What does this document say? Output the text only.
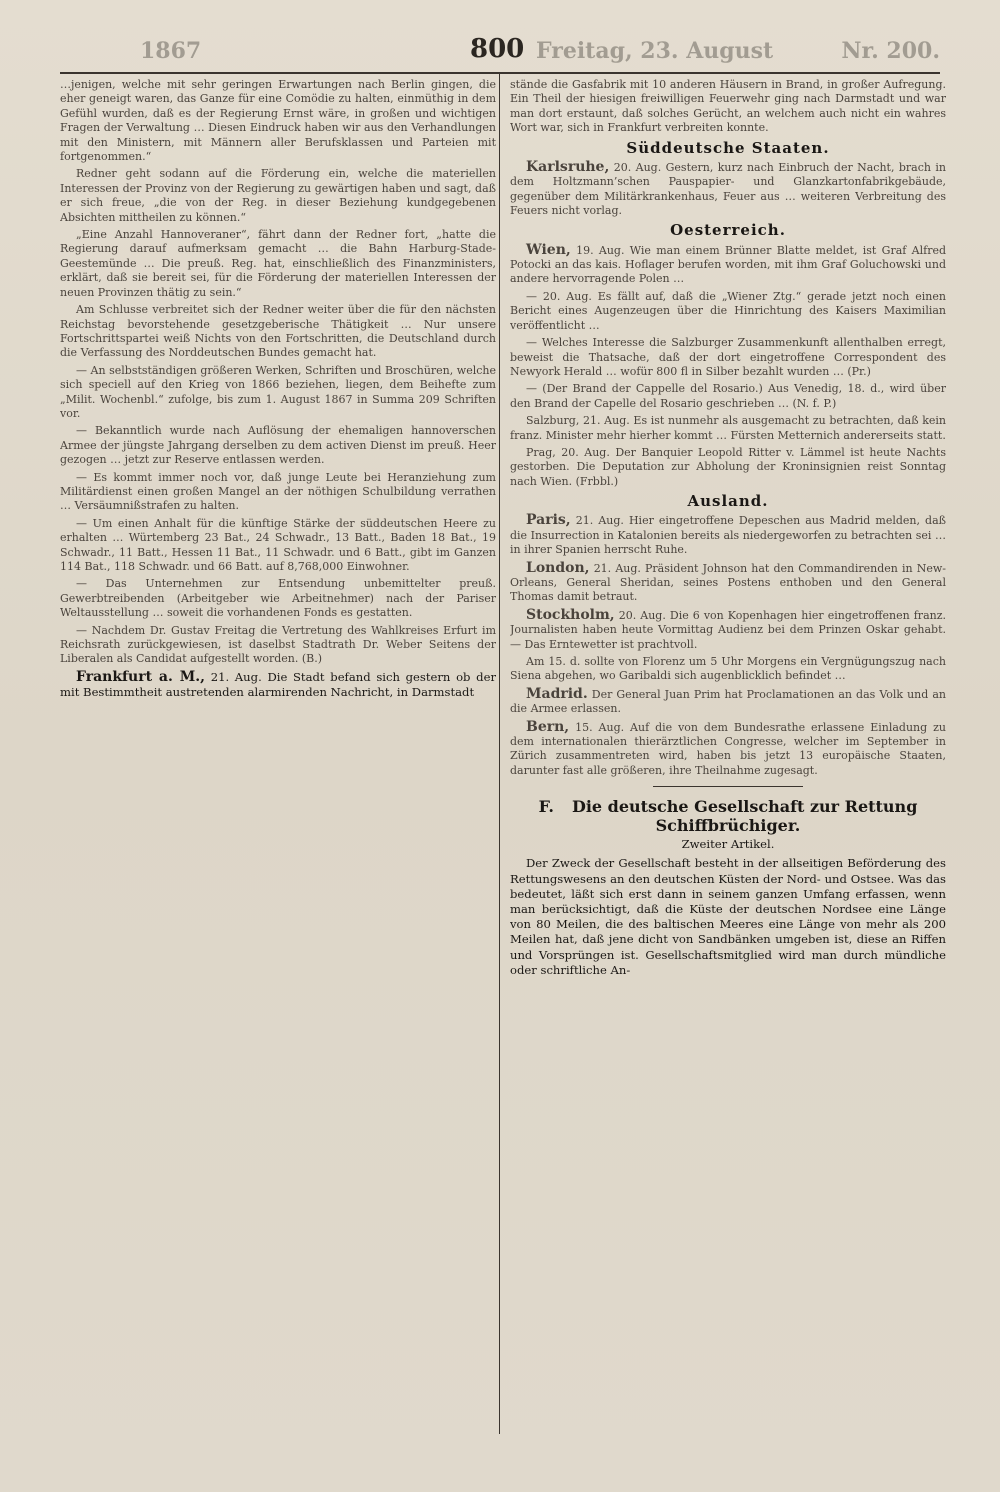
1867	800 Freitag, 23. August	Nr. 200.

…jenigen, welche mit sehr geringen Erwartungen nach Berlin gingen, die eher geneigt waren, das Ganze für eine Comödie zu halten, einmüthig in dem Gefühl wurden, daß es der Regierung Ernst wäre, in großen und wichtigen Fragen der Verwaltung … Diesen Eindruck haben wir aus den Verhandlungen mit den Ministern, mit Männern aller Berufsklassen und Parteien mit fortgenommen.“

Redner geht sodann auf die Förderung ein, welche die materiellen Interessen der Provinz von der Regierung zu gewärtigen haben und sagt, daß er sich freue, „die von der Reg. in dieser Beziehung kundgegebenen Absichten mittheilen zu können.“

„Eine Anzahl Hannoveraner“, fährt dann der Redner fort, „hatte die Regierung darauf aufmerksam gemacht … die Bahn Harburg-Stade-Geestemünde … Die preuß. Reg. hat, einschließlich des Finanzministers, erklärt, daß sie bereit sei, für die Förderung der materiellen Interessen der neuen Provinzen thätig zu sein.“

Am Schlusse verbreitet sich der Redner weiter über die für den nächsten Reichstag bevorstehende gesetzgeberische Thätigkeit … Nur unsere Fortschrittspartei weiß Nichts von den Fortschritten, die Deutschland durch die Verfassung des Norddeutschen Bundes gemacht hat.

— An selbstständigen größeren Werken, Schriften und Broschüren, welche sich speciell auf den Krieg von 1866 beziehen, liegen, dem Beihefte zum „Milit. Wochenbl.“ zufolge, bis zum 1. August 1867 in Summa 209 Schriften vor.

— Bekanntlich wurde nach Auflösung der ehemaligen hannoverschen Armee der jüngste Jahrgang derselben zu dem activen Dienst im preuß. Heer gezogen … jetzt zur Reserve entlassen werden.

— Es kommt immer noch vor, daß junge Leute bei Heranziehung zum Militärdienst einen großen Mangel an der nöthigen Schulbildung verrathen … Versäumnißstrafen zu halten.

— Um einen Anhalt für die künftige Stärke der süddeutschen Heere zu erhalten … Würtemberg 23 Bat., 24 Schwadr., 13 Batt., Baden 18 Bat., 19 Schwadr., 11 Batt., Hessen 11 Bat., 11 Schwadr. und 6 Batt., gibt im Ganzen 114 Bat., 118 Schwadr. und 66 Batt. auf 8,768,000 Einwohner.

— Das Unternehmen zur Entsendung unbemittelter preuß. Gewerbtreibenden (Arbeitgeber wie Arbeitnehmer) nach der Pariser Weltausstellung … soweit die vorhandenen Fonds es gestatten.

— Nachdem Dr. Gustav Freitag die Vertretung des Wahlkreises Erfurt im Reichsrath zurückgewiesen, ist daselbst Stadtrath Dr. Weber Seitens der Liberalen als Candidat aufgestellt worden. (B.)

Frankfurt a. M., 21. Aug. Die Stadt befand sich gestern ob der mit Bestimmtheit austretenden alarmirenden Nachricht, in Darmstadt

stände die Gasfabrik mit 10 anderen Häusern in Brand, in großer Aufregung. Ein Theil der hiesigen freiwilligen Feuerwehr ging nach Darmstadt und war man dort erstaunt, daß solches Gerücht, an welchem auch nicht ein wahres Wort war, sich in Frankfurt verbreiten konnte.

Süddeutsche Staaten.

Karlsruhe, 20. Aug. Gestern, kurz nach Einbruch der Nacht, brach in dem Holtzmann’schen Pauspapier- und Glanzkartonfabrikgebäude, gegenüber dem Militärkrankenhaus, Feuer aus … weiteren Verbreitung des Feuers nicht vorlag.

Oesterreich.

Wien, 19. Aug. Wie man einem Brünner Blatte meldet, ist Graf Alfred Potocki an das kais. Hoflager berufen worden, mit ihm Graf Goluchowski und andere hervorragende Polen …

— 20. Aug. Es fällt auf, daß die „Wiener Ztg.“ gerade jetzt noch einen Bericht eines Augenzeugen über die Hinrichtung des Kaisers Maximilian veröffentlicht …

— Welches Interesse die Salzburger Zusammenkunft allenthalben erregt, beweist die Thatsache, daß der dort eingetroffene Correspondent des Newyork Herald … wofür 800 fl in Silber bezahlt wurden … (Pr.)

— (Der Brand der Cappelle del Rosario.) Aus Venedig, 18. d., wird über den Brand der Capelle del Rosario geschrieben … (N. f. P.)

Salzburg, 21. Aug. Es ist nunmehr als ausgemacht zu betrachten, daß kein franz. Minister mehr hierher kommt … Fürsten Metternich andererseits statt.

Prag, 20. Aug. Der Banquier Leopold Ritter v. Lämmel ist heute Nachts gestorben. Die Deputation zur Abholung der Kroninsignien reist Sonntag nach Wien. (Frbbl.)

Ausland.

Paris, 21. Aug. Hier eingetroffene Depeschen aus Madrid melden, daß die Insurrection in Katalonien bereits als niedergeworfen zu betrachten sei … in ihrer Spanien herrscht Ruhe.

London, 21. Aug. Präsident Johnson hat den Commandirenden in New-Orleans, General Sheridan, seines Postens enthoben und den General Thomas damit betraut.

Stockholm, 20. Aug. Die 6 von Kopenhagen hier eingetroffenen franz. Journalisten haben heute Vormittag Audienz bei dem Prinzen Oskar gehabt. — Das Erntewetter ist prachtvoll.

Am 15. d. sollte von Florenz um 5 Uhr Morgens ein Vergnügungszug nach Siena abgehen, wo Garibaldi sich augenblicklich befindet …

Madrid. Der General Juan Prim hat Proclamationen an das Volk und an die Armee erlassen.

Bern, 15. Aug. Auf die von dem Bundesrathe erlassene Einladung zu dem internationalen thierärztlichen Congresse, welcher im September in Zürich zusammentreten wird, haben bis jetzt 13 europäische Staaten, darunter fast alle größeren, ihre Theilnahme zugesagt.

F. Die deutsche Gesellschaft zur Rettung Schiffbrüchiger.
Zweiter Artikel.

Der Zweck der Gesellschaft besteht in der allseitigen Beförderung des Rettungswesens an den deutschen Küsten der Nord- und Ostsee. Was das bedeutet, läßt sich erst dann in seinem ganzen Umfang erfassen, wenn man berücksichtigt, daß die Küste der deutschen Nordsee eine Länge von 80 Meilen, die des baltischen Meeres eine Länge von mehr als 200 Meilen hat, daß jene dicht von Sandbänken umgeben ist, diese an Riffen und Vorsprüngen ist. Gesellschaftsmitglied wird man durch mündliche oder schriftliche An-
